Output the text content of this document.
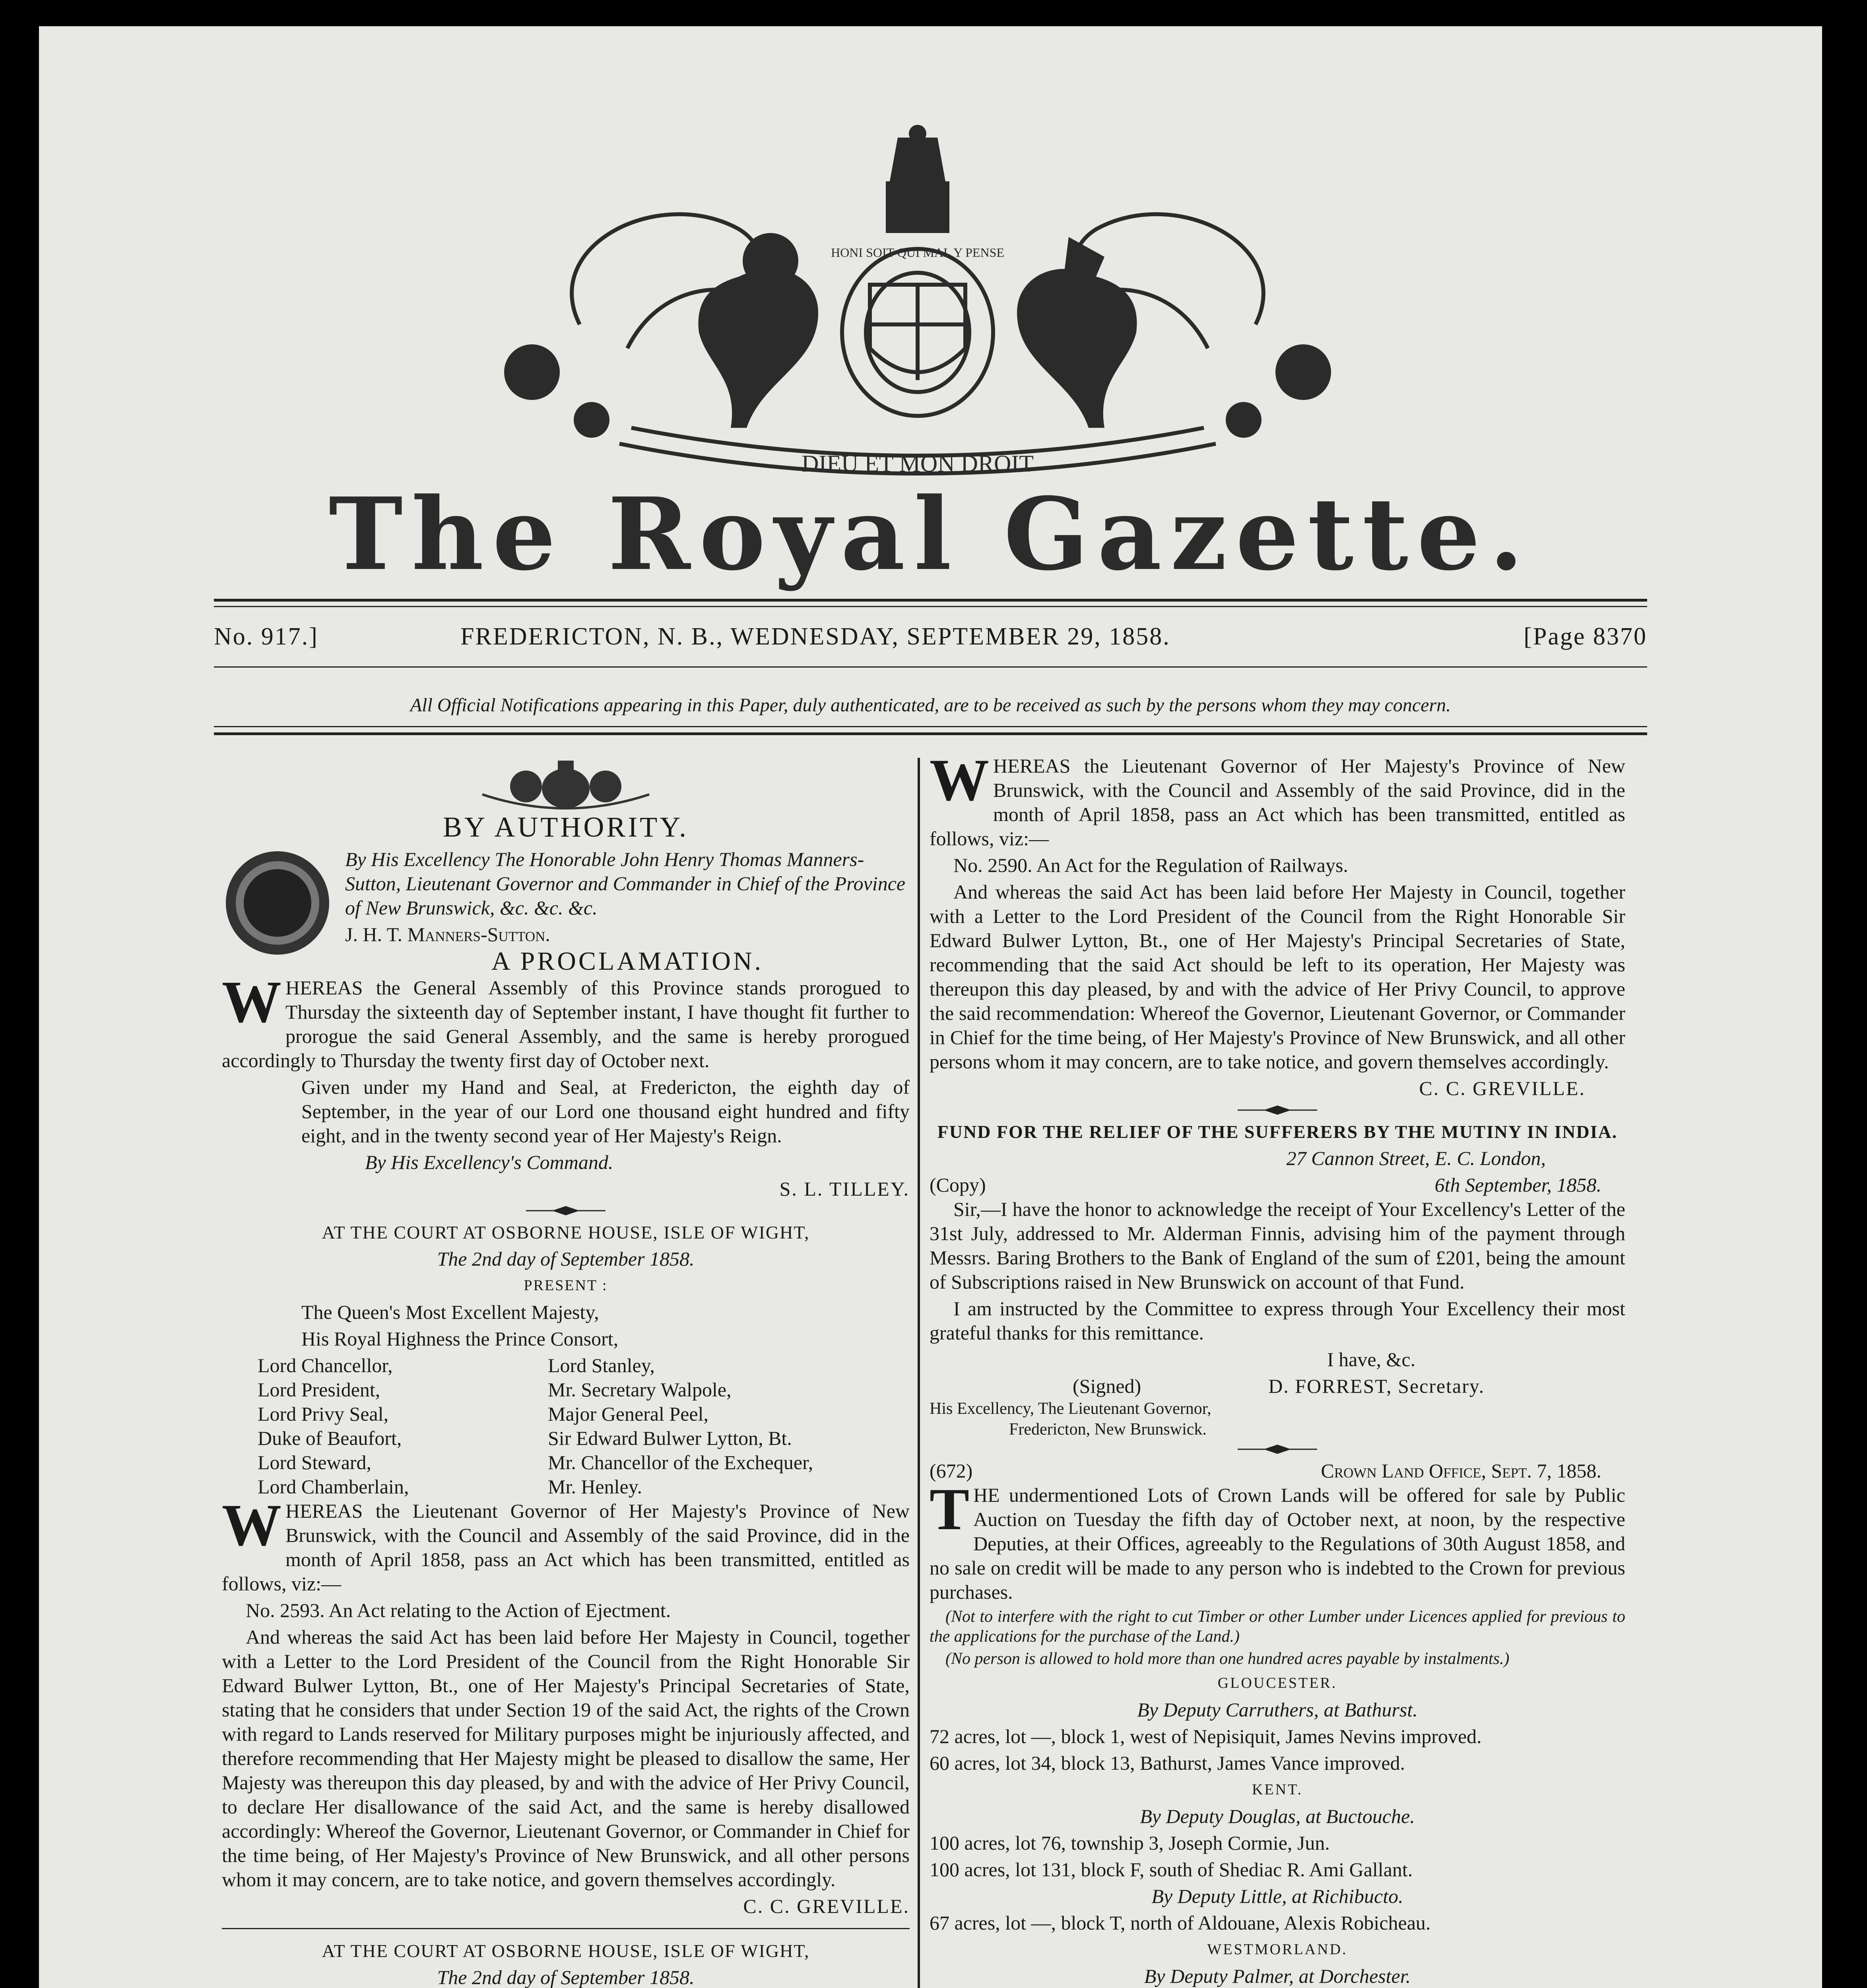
DIEU ET MON DROIT
HONI SOIT QUI MAL Y PENSE
The Royal Gazette.
No. 917.]	FREDERICTON, N. B., WEDNESDAY, SEPTEMBER 29, 1858.	[Page 8370
All Official Notifications appearing in this Paper, duly authenticated, are to be received as such by the persons whom they may concern.

BY AUTHORITY.

By His Excellency The Honorable John Henry Thomas Manners-Sutton, Lieutenant Governor and Commander in Chief of the Province of New Brunswick, &c. &c. &c.

J. H. T. Manners-Sutton.

A PROCLAMATION.

WHEREAS the General Assembly of this Province stands prorogued to Thursday the sixteenth day of September instant, I have thought fit further to prorogue the said General Assembly, and the same is hereby prorogued accordingly to Thursday the twenty first day of October next.

Given under my Hand and Seal, at Fredericton, the eighth day of September, in the year of our Lord one thousand eight hundred and fifty eight, and in the twenty second year of Her Majesty's Reign.

By His Excellency's Command.

S. L. TILLEY.

AT THE COURT AT OSBORNE HOUSE, ISLE OF WIGHT,

The 2nd day of September 1858.

PRESENT :

The Queen's Most Excellent Majesty,

His Royal Highness the Prince Consort,

Lord Chancellor,	Lord Stanley,
Lord President,	Mr. Secretary Walpole,
Lord Privy Seal,	Major General Peel,
Duke of Beaufort,	Sir Edward Bulwer Lytton, Bt.
Lord Steward,	Mr. Chancellor of the Exchequer,
Lord Chamberlain,	Mr. Henley.

WHEREAS the Lieutenant Governor of Her Majesty's Province of New Brunswick, with the Council and Assembly of the said Province, did in the month of April 1858, pass an Act which has been transmitted, entitled as follows, viz:—

No. 2593. An Act relating to the Action of Ejectment.

And whereas the said Act has been laid before Her Majesty in Council, together with a Letter to the Lord President of the Council from the Right Honorable Sir Edward Bulwer Lytton, Bt., one of Her Majesty's Principal Secretaries of State, stating that he considers that under Section 19 of the said Act, the rights of the Crown with regard to Lands reserved for Military purposes might be injuriously affected, and therefore recommending that Her Majesty might be pleased to disallow the same, Her Majesty was thereupon this day pleased, by and with the advice of Her Privy Council, to declare Her disallowance of the said Act, and the same is hereby disallowed accordingly: Whereof the Governor, Lieutenant Governor, or Commander in Chief for the time being, of Her Majesty's Province of New Brunswick, and all other persons whom it may concern, are to take notice, and govern themselves accordingly.

C. C. GREVILLE.

AT THE COURT AT OSBORNE HOUSE, ISLE OF WIGHT,

The 2nd day of September 1858.

WHEREAS the Lieutenant Governor of Her Majesty's Province of New Brunswick, with the Council and Assembly of the said Province, did in the month of April 1858, pass an Act which has been transmitted, entitled as follows, viz:—

No. 2590. An Act for the Regulation of Railways.

And whereas the said Act has been laid before Her Majesty in Council, together with a Letter to the Lord President of the Council from the Right Honorable Sir Edward Bulwer Lytton, Bt., one of Her Majesty's Principal Secretaries of State, recommending that the said Act should be left to its operation, Her Majesty was thereupon this day pleased, by and with the advice of Her Privy Council, to approve the said recommendation: Whereof the Governor, Lieutenant Governor, or Commander in Chief for the time being, of Her Majesty's Province of New Brunswick, and all other persons whom it may concern, are to take notice, and govern themselves accordingly.

C. C. GREVILLE.

FUND FOR THE RELIEF OF THE SUFFERERS BY THE MUTINY IN INDIA.

27 Cannon Street, E. C. London,

(Copy)	6th September, 1858.

Sir,—I have the honor to acknowledge the receipt of Your Excellency's Letter of the 31st July, addressed to Mr. Alderman Finnis, advising him of the payment through Messrs. Baring Brothers to the Bank of England of the sum of £201, being the amount of Subscriptions raised in New Brunswick on account of that Fund.

I am instructed by the Committee to express through Your Excellency their most grateful thanks for this remittance.

I have, &c.

(Signed)	D. FORREST, Secretary.

His Excellency, The Lieutenant Governor,

Fredericton, New Brunswick.

(672)	Crown Land Office, Sept. 7, 1858.

THE undermentioned Lots of Crown Lands will be offered for sale by Public Auction on Tuesday the fifth day of October next, at noon, by the respective Deputies, at their Offices, agreeably to the Regulations of 30th August 1858, and no sale on credit will be made to any person who is indebted to the Crown for previous purchases.

(Not to interfere with the right to cut Timber or other Lumber under Licences applied for previous to the applications for the purchase of the Land.)

(No person is allowed to hold more than one hundred acres payable by instalments.)

GLOUCESTER.

By Deputy Carruthers, at Bathurst.

72 acres, lot —, block 1, west of Nepisiquit, James Nevins improved.

60 acres, lot 34, block 13, Bathurst, James Vance improved.

KENT.

By Deputy Douglas, at Buctouche.

100 acres, lot 76, township 3, Joseph Cormie, Jun.

100 acres, lot 131, block F, south of Shediac R. Ami Gallant.

By Deputy Little, at Richibucto.

67 acres, lot —, block T, north of Aldouane, Alexis Robicheau.

WESTMORLAND.

By Deputy Palmer, at Dorchester.
